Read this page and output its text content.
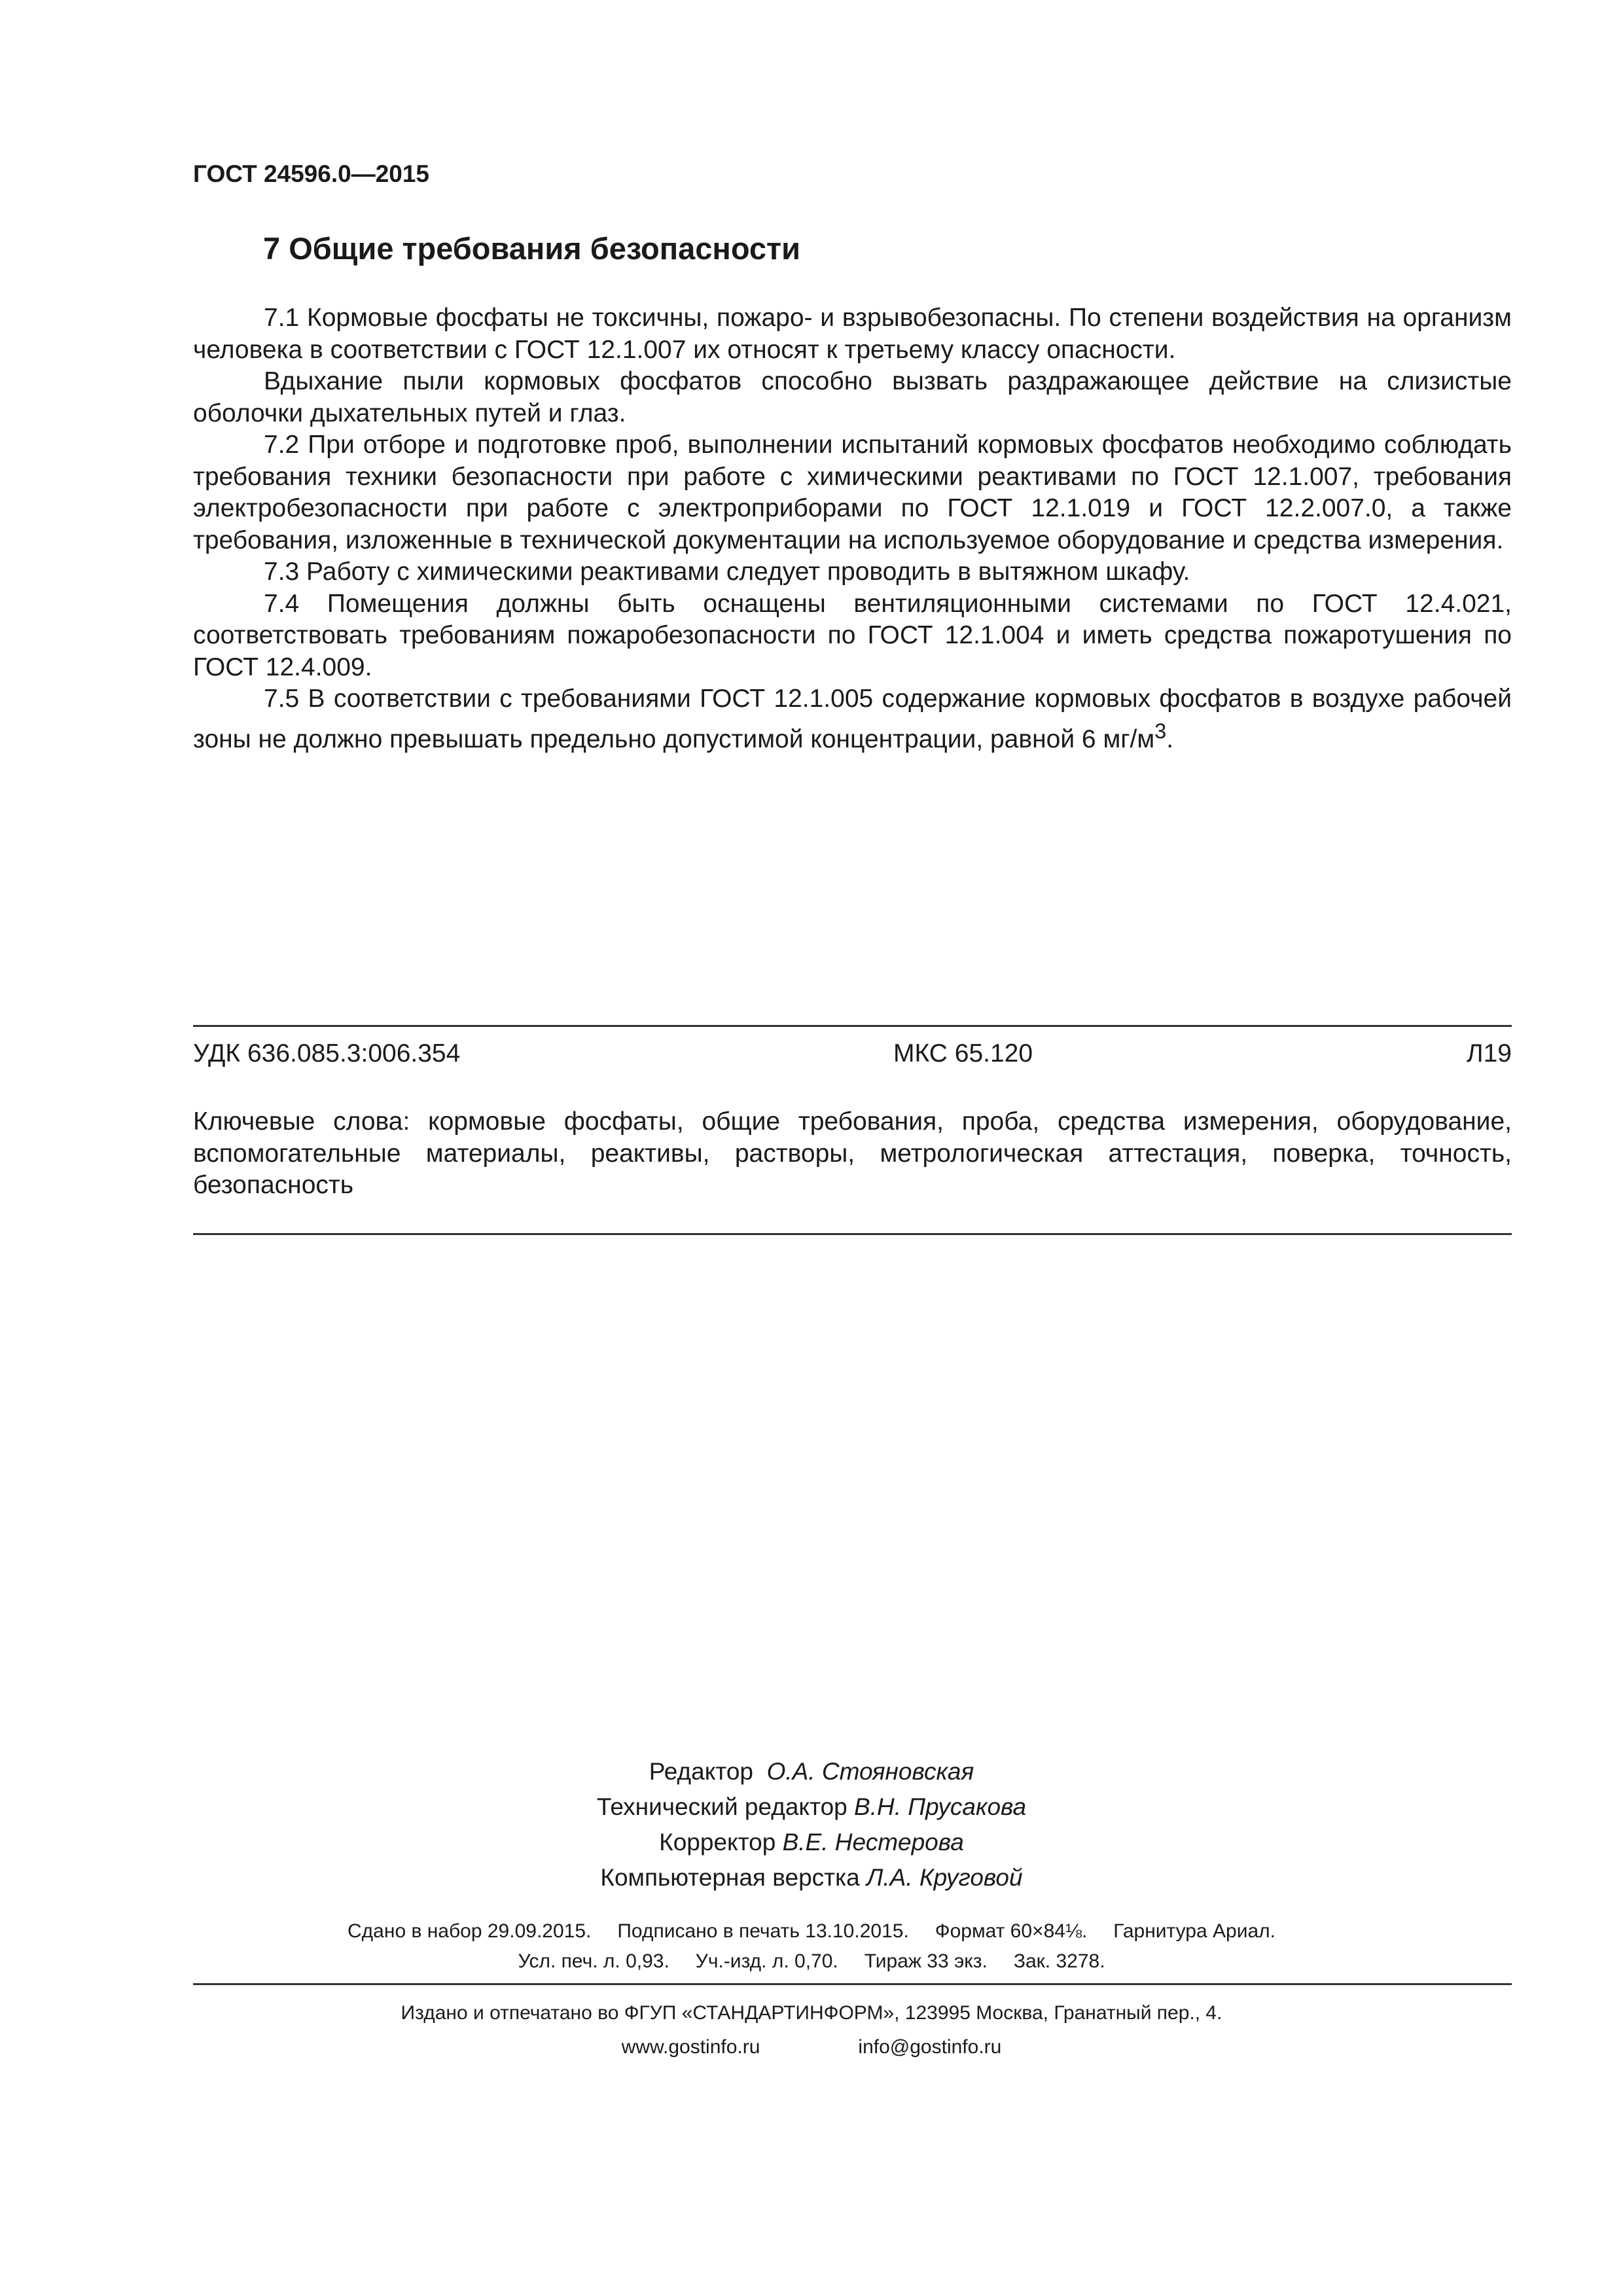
ГОСТ 24596.0—2015
7 Общие требования безопасности

7.1 Кормовые фосфаты не токсичны, пожаро- и взрывобезопасны. По степени воздействия на организм человека в соответствии с ГОСТ 12.1.007 их относят к третьему классу опасности.

Вдыхание пыли кормовых фосфатов способно вызвать раздражающее действие на слизистые оболочки дыхательных путей и глаз.

7.2 При отборе и подготовке проб, выполнении испытаний кормовых фосфатов необходимо соблюдать требования техники безопасности при работе с химическими реактивами по ГОСТ 12.1.007, требования электробезопасности при работе с электроприборами по ГОСТ 12.1.019 и ГОСТ 12.2.007.0, а также требования, изложенные в технической документации на используемое оборудование и средства измерения.

7.3 Работу с химическими реактивами следует проводить в вытяжном шкафу.

7.4 Помещения должны быть оснащены вентиляционными системами по ГОСТ 12.4.021, соответствовать требованиям пожаробезопасности по ГОСТ 12.1.004 и иметь средства пожаротушения по ГОСТ 12.4.009.

7.5 В соответствии с требованиями ГОСТ 12.1.005 содержание кормовых фосфатов в воздухе рабочей зоны не должно превышать предельно допустимой концентрации, равной 6 $мг/м^3$.

УДК 636.085.3:006.354	МКС 65.120	Л19
Ключевые слова: кормовые фосфаты, общие требования, проба, средства измерения, оборудование, вспомогательные материалы, реактивы, растворы, метрологическая аттестация, поверка, точность, безопасность
Редактор О.А. Стояновская
Технический редактор В.Н. Прусакова
Корректор В.Е. Нестерова
Компьютерная верстка Л.А. Круговой
Сдано в набор 29.09.2015. Подписано в печать 13.10.2015. Формат 60×84⅛. Гарнитура Ариал.
Усл. печ. л. 0,93. Уч.-изд. л. 0,70. Тираж 33 экз. Зак. 3278.
Издано и отпечатано во ФГУП «СТАНДАРТИНФОРМ», 123995 Москва, Гранатный пер., 4.
www.gostinfo.ru	info@gostinfo.ru
